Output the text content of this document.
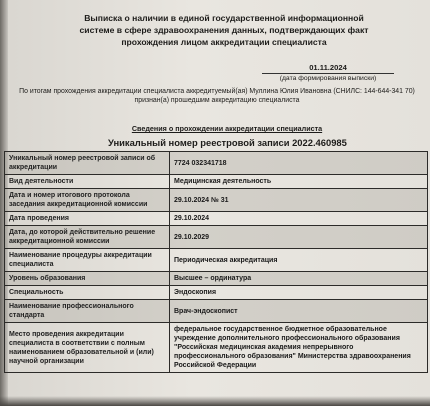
Выписка о наличии в единой государственной информационной
системе в сфере здравоохранения данных, подтверждающих факт
прохождения лицом аккредитации специалиста
01.11.2024
(дата формирования выписки)
По итогам прохождения аккредитации специалиста аккредитуемый(ая) Муллина Юлия Ивановна (СНИЛС: 144-644-341 70) признан(а) прошедшим аккредитацию специалиста
Сведения о прохождении аккредитации специалиста
Уникальный номер реестровой записи 2022.460985
Уникальный номер реестровой записи об аккредитации	7724 032341718
Вид деятельности	Медицинская деятельность
Дата и номер итогового протокола заседания аккредитационной комиссии	29.10.2024 № 31
Дата проведения	29.10.2024
Дата, до которой действительно решение аккредитационной комиссии	29.10.2029
Наименование процедуры аккредитации специалиста	Периодическая аккредитация
Уровень образования	Высшее – ординатура
Специальность	Эндоскопия
Наименование профессионального стандарта	Врач-эндоскопист
Место проведения аккредитации специалиста в соответствии с полным наименованием образовательной и (или) научной организации	федеральное государственное бюджетное образовательное учреждение дополнительного профессионального образования "Российская медицинская академия непрерывного профессионального образования" Министерства здравоохранения Российской Федерации
